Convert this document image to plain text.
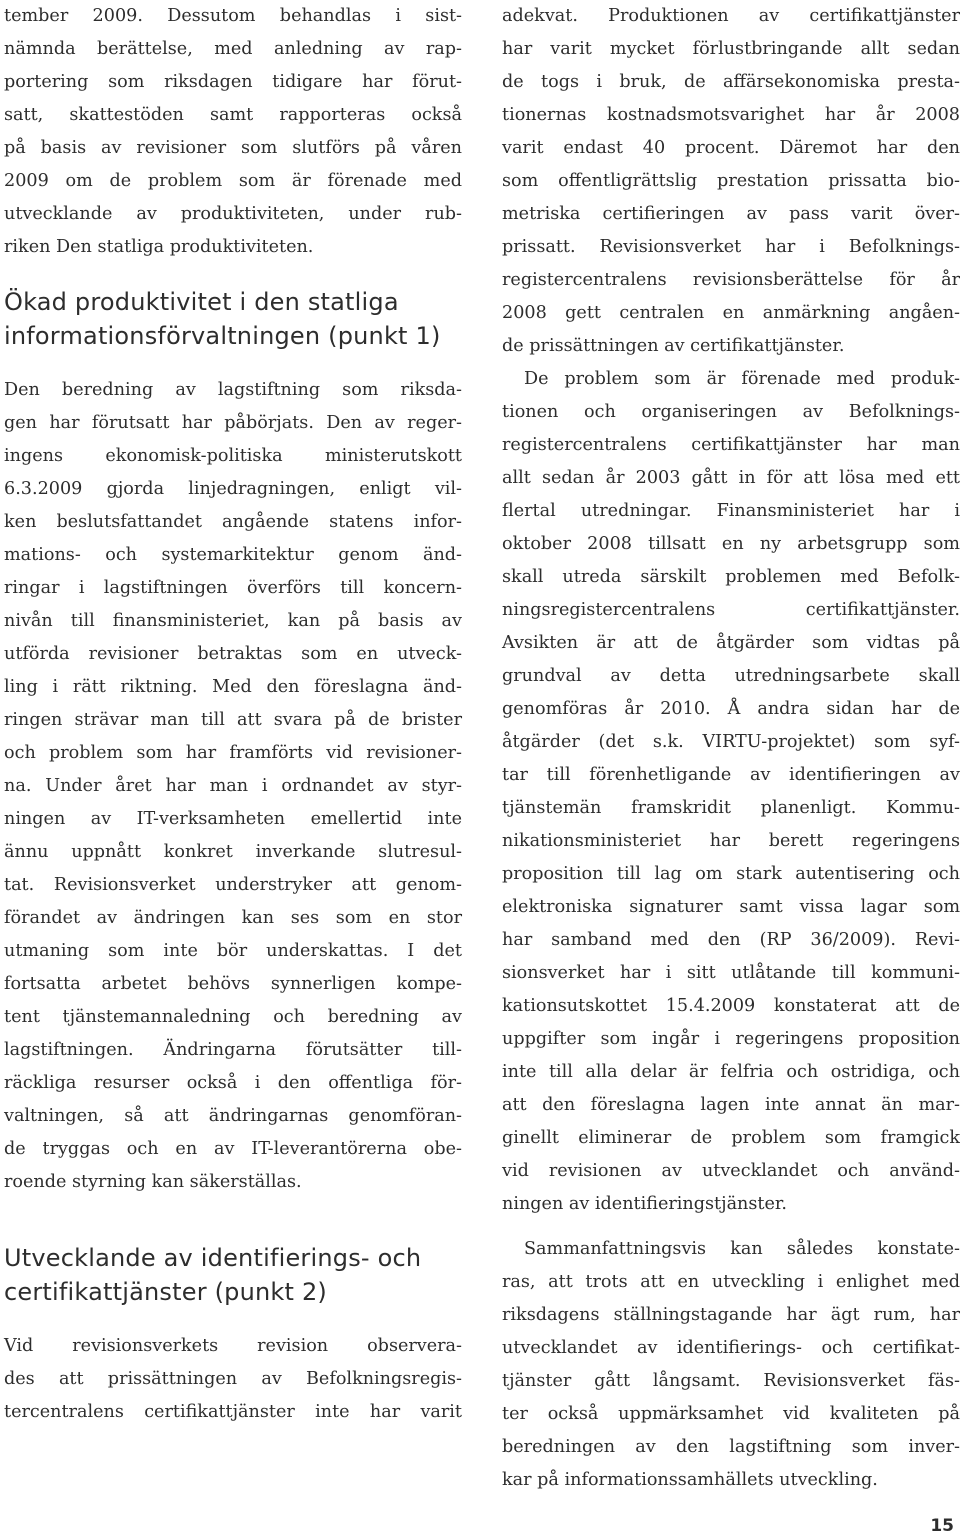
tember 2009. Dessutom behandlas i sist-
nämnda berättelse, med anledning av rap-
portering som riksdagen tidigare har förut-
satt, skattestöden samt rapporteras också
på basis av revisioner som slutförs på våren
2009 om de problem som är förenade med
utvecklande av produktiviteten, under rub-
riken Den statliga produktiviteten.
Ökad produktivitet i den statliga
informationsförvaltningen (punkt 1)
Den beredning av lagstiftning som riksda-
gen har förutsatt har påbörjats. Den av reger-
ingens ekonomisk-politiska ministerutskott
6.3.2009 gjorda linjedragningen, enligt vil-
ken beslutsfattandet angående statens infor-
mations- och systemarkitektur genom änd-
ringar i lagstiftningen överförs till koncern-
nivån till finansministeriet, kan på basis av
utförda revisioner betraktas som en utveck-
ling i rätt riktning. Med den föreslagna änd-
ringen strävar man till att svara på de brister
och problem som har framförts vid revisioner-
na. Under året har man i ordnandet av styr-
ningen av IT-verksamheten emellertid inte
ännu uppnått konkret inverkande slutresul-
tat. Revisionsverket understryker att genom-
förandet av ändringen kan ses som en stor
utmaning som inte bör underskattas. I det
fortsatta arbetet behövs synnerligen kompe-
tent tjänstemannaledning och beredning av
lagstiftningen. Ändringarna förutsätter till-
räckliga resurser också i den offentliga för-
valtningen, så att ändringarnas genomföran-
de tryggas och en av IT-leverantörerna obe-
roende styrning kan säkerställas.
Utvecklande av identifierings- och
certifikattjänster (punkt 2)
Vid revisionsverkets revision observera-
des att prissättningen av Befolkningsregis-
tercentralens certifikattjänster inte har varit
adekvat. Produktionen av certifikattjänster
har varit mycket förlustbringande allt sedan
de togs i bruk, de affärsekonomiska presta-
tionernas kostnadsmotsvarighet har år 2008
varit endast 40 procent. Däremot har den
som offentligrättslig prestation prissatta bio-
metriska certifieringen av pass varit över-
prissatt. Revisionsverket har i Befolknings-
registercentralens revisionsberättelse för år
2008 gett centralen en anmärkning angåen-
de prissättningen av certifikattjänster.
De problem som är förenade med produk-
tionen och organiseringen av Befolknings-
registercentralens certifikattjänster har man
allt sedan år 2003 gått in för att lösa med ett
flertal utredningar. Finansministeriet har i
oktober 2008 tillsatt en ny arbetsgrupp som
skall utreda särskilt problemen med Befolk-
ningsregistercentralens certifikattjänster.
Avsikten är att de åtgärder som vidtas på
grundval av detta utredningsarbete skall
genomföras år 2010. Å andra sidan har de
åtgärder (det s.k. VIRTU-projektet) som syf-
tar till förenhetligande av identifieringen av
tjänstemän framskridit planenligt. Kommu-
nikationsministeriet har berett regeringens
proposition till lag om stark autentisering och
elektroniska signaturer samt vissa lagar som
har samband med den (RP 36/2009). Revi-
sionsverket har i sitt utlåtande till kommuni-
kationsutskottet 15.4.2009 konstaterat att de
uppgifter som ingår i regeringens proposition
inte till alla delar är felfria och ostridiga, och
att den föreslagna lagen inte annat än mar-
ginellt eliminerar de problem som framgick
vid revisionen av utvecklandet och använd-
ningen av identifieringstjänster.
Sammanfattningsvis kan således konstate-
ras, att trots att en utveckling i enlighet med
riksdagens ställningstagande har ägt rum, har
utvecklandet av identifierings- och certifikat-
tjänster gått långsamt. Revisionsverket fäs-
ter också uppmärksamhet vid kvaliteten på
beredningen av den lagstiftning som inver-
kar på informationssamhällets utveckling.
15
